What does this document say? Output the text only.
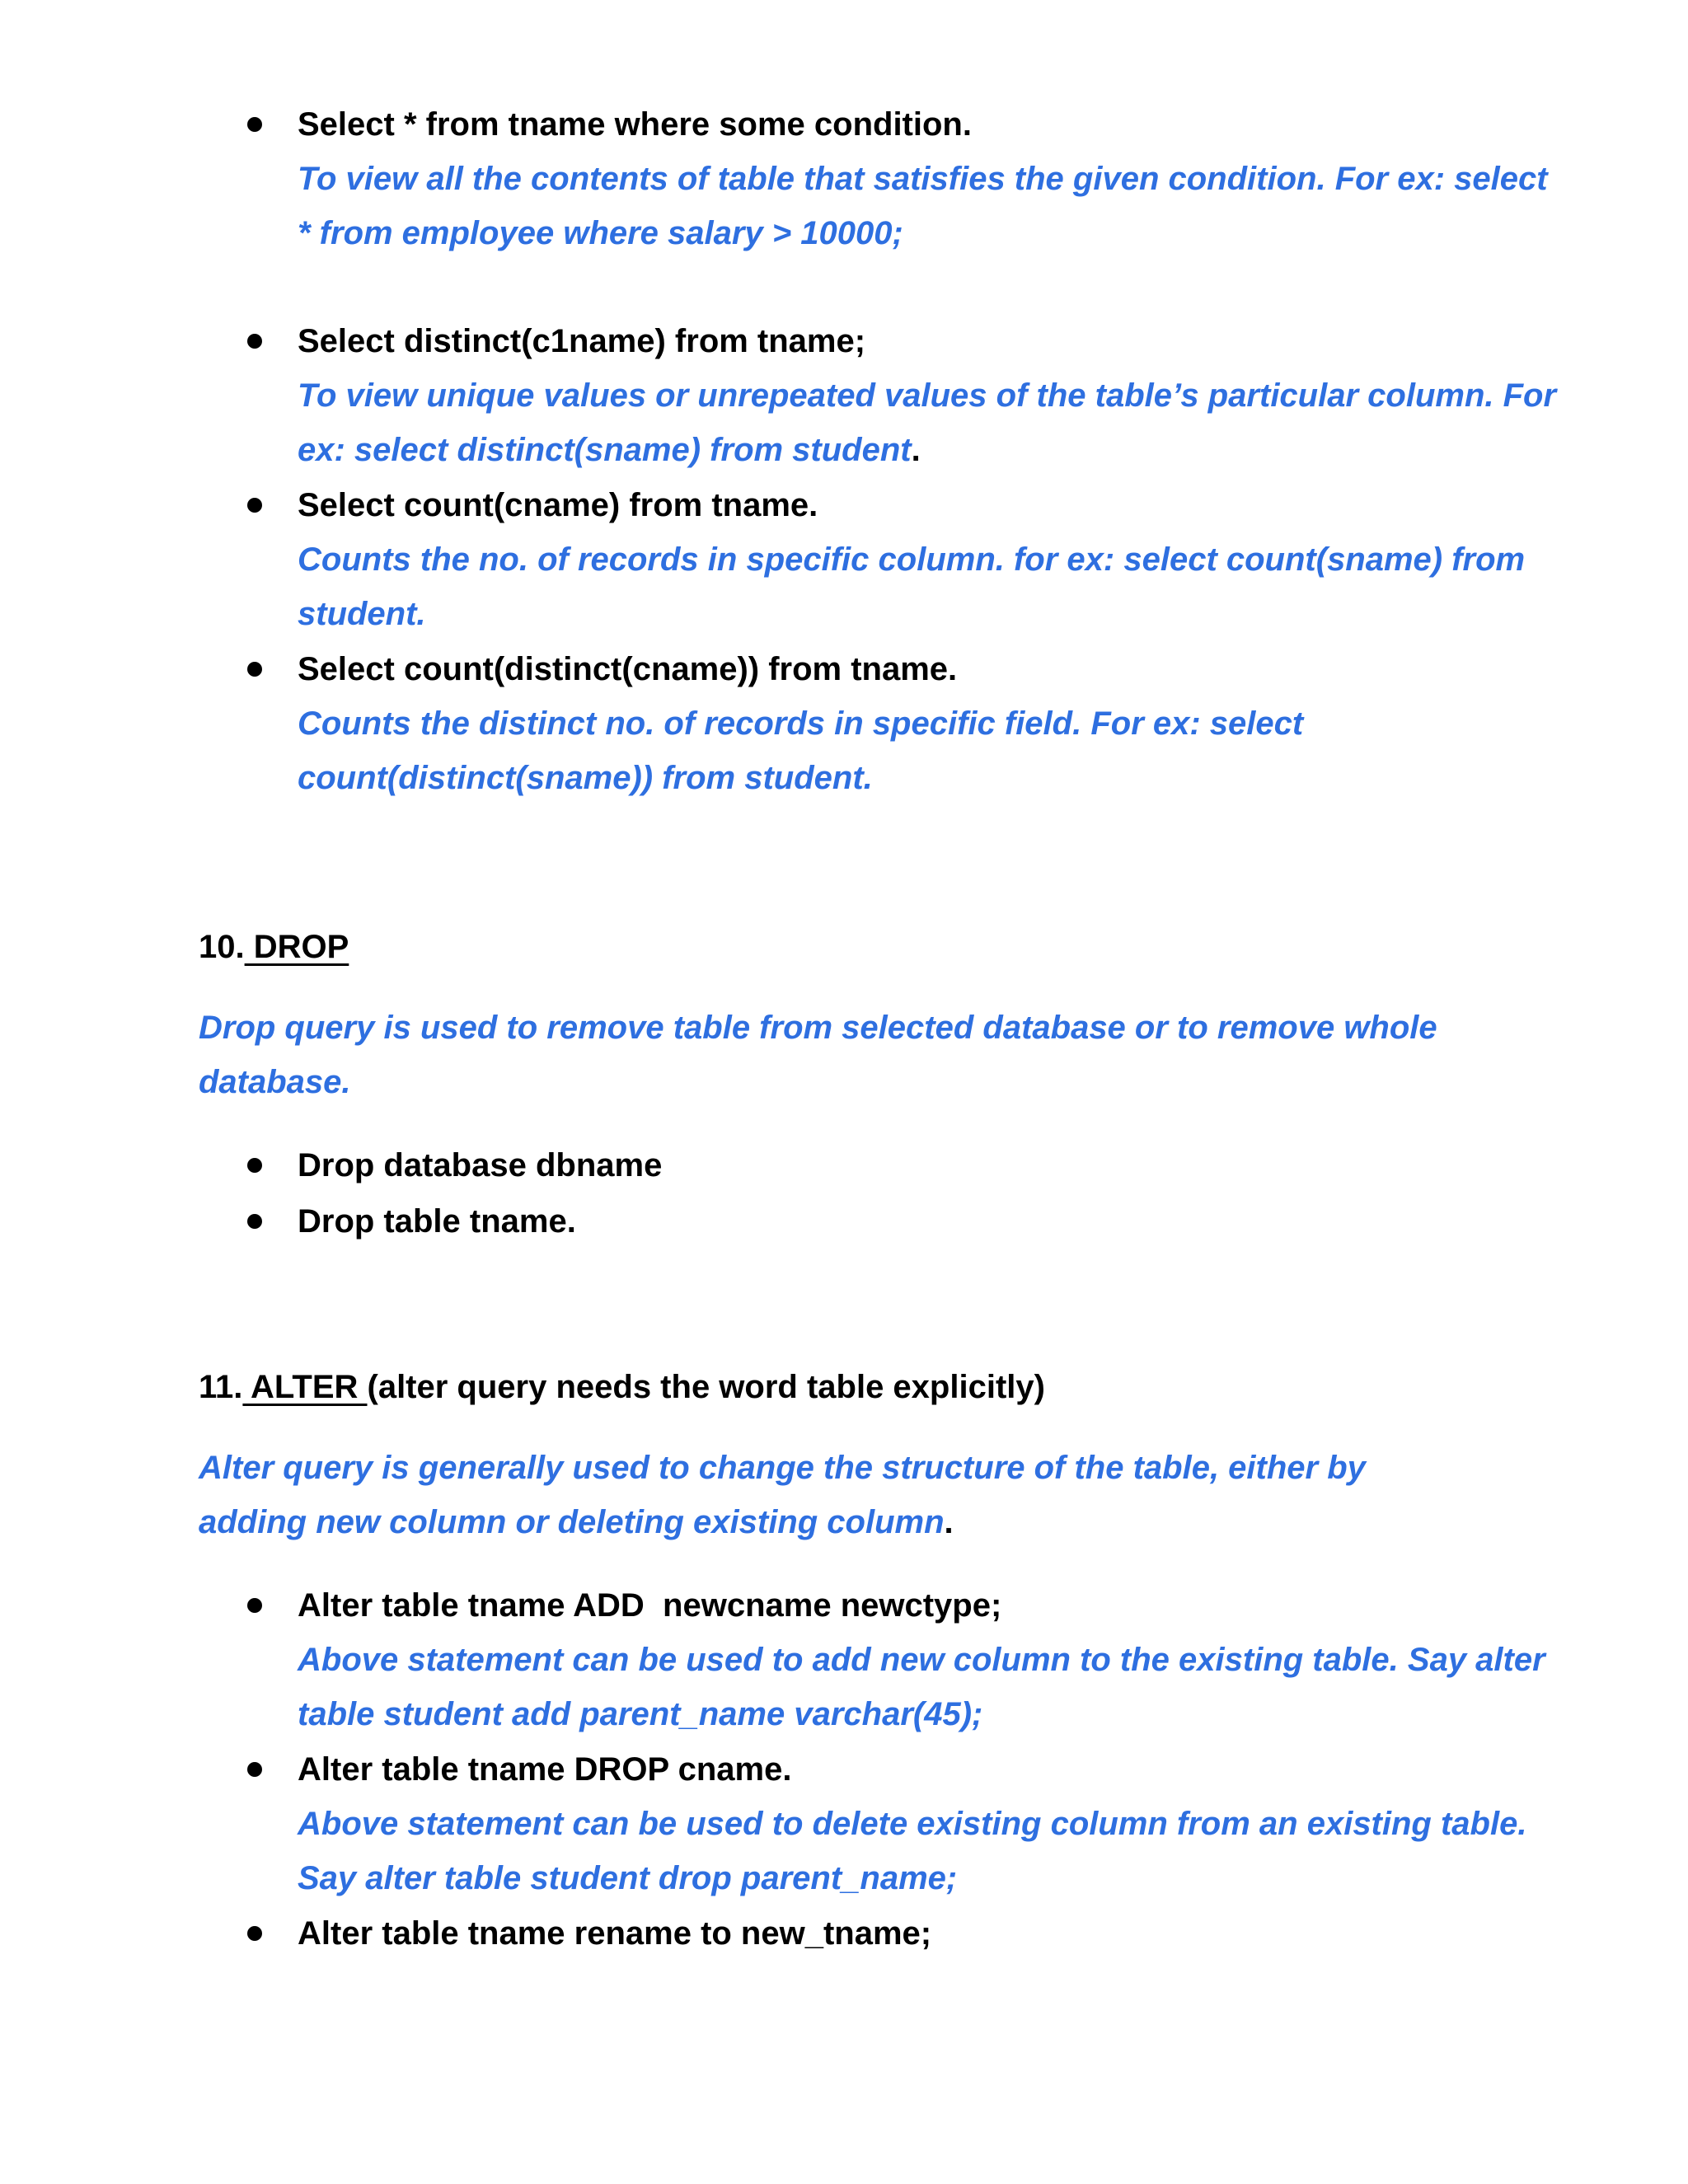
Select * from tname where some condition.
To view all the contents of table that satisfies the given condition. For ex: select
* from employee where salary > 10000;
Select distinct(c1name) from tname;
To view unique values or unrepeated values of the table’s particular column. For
ex: select distinct(sname) from student.
Select count(cname) from tname.
Counts the no. of records in specific column. for ex: select count(sname) from
student.
Select count(distinct(cname)) from tname.
Counts the distinct no. of records in specific field. For ex: select
count(distinct(sname)) from student.
10. DROP
Drop query is used to remove table from selected database or to remove whole
database.
Drop database dbname
Drop table tname.
11. ALTER (alter query needs the word table explicitly)
Alter query is generally used to change the structure of the table, either by
adding new column or deleting existing column.
Alter table tname ADD  newcname newctype;
Above statement can be used to add new column to the existing table. Say alter
table student add parent_name varchar(45);
Alter table tname DROP cname.
Above statement can be used to delete existing column from an existing table.
Say alter table student drop parent_name;
Alter table tname rename to new_tname;
